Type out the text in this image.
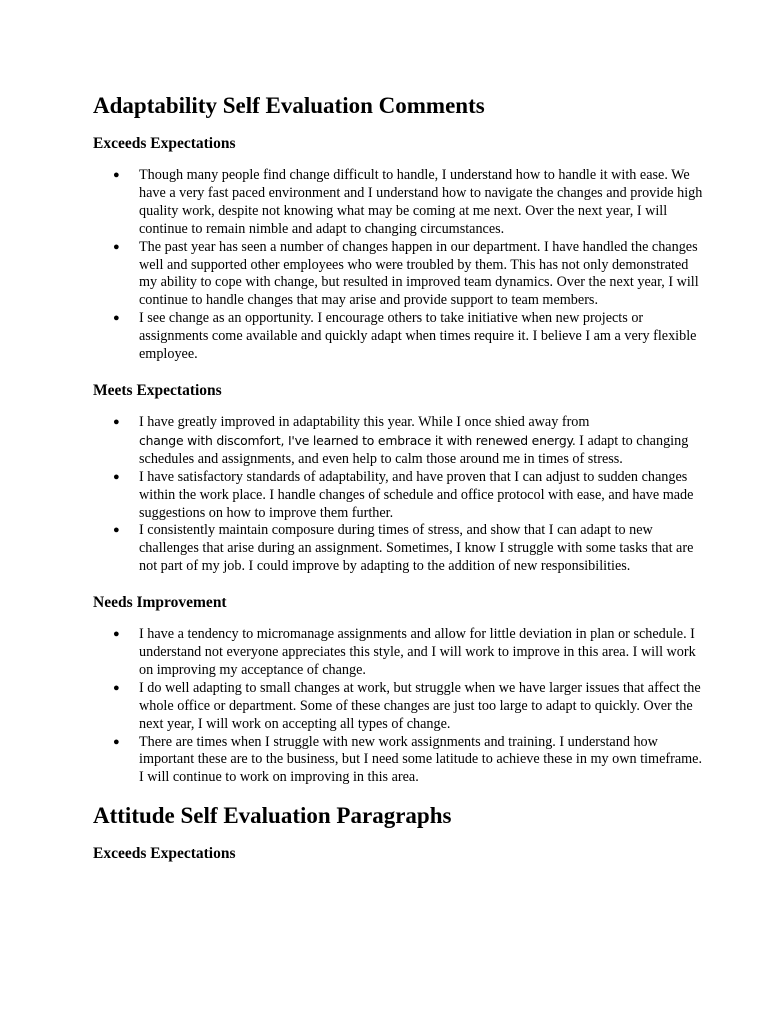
Adaptability Self Evaluation Comments
Exceeds Expectations
● Though many people find change difficult to handle, I understand how to handle it with ease. We have a very fast paced environment and I understand how to navigate the changes and provide high quality work, despite not knowing what may be coming at me next. Over the next year, I will continue to remain nimble and adapt to changing circumstances.
● The past year has seen a number of changes happen in our department. I have handled the changes well and supported other employees who were troubled by them. This has not only demonstrated my ability to cope with change, but resulted in improved team dynamics. Over the next year, I will continue to handle changes that may arise and provide support to team members.
● I see change as an opportunity. I encourage others to take initiative when new projects or assignments come available and quickly adapt when times require it. I believe I am a very flexible employee.
Meets Expectations
● I have greatly improved in adaptability this year. While I once shied away from
change with discomfort, I've learned to embrace it with renewed energy. I adapt to changing schedules and assignments, and even help to calm those around me in times of stress.
● I have satisfactory standards of adaptability, and have proven that I can adjust to sudden changes within the work place. I handle changes of schedule and office protocol with ease, and have made suggestions on how to improve them further.
● I consistently maintain composure during times of stress, and show that I can adapt to new challenges that arise during an assignment. Sometimes, I know I struggle with some tasks that are not part of my job. I could improve by adapting to the addition of new responsibilities.
Needs Improvement
● I have a tendency to micromanage assignments and allow for little deviation in plan or schedule. I understand not everyone appreciates this style, and I will work to improve in this area. I will work on improving my acceptance of change.
● I do well adapting to small changes at work, but struggle when we have larger issues that affect the whole office or department. Some of these changes are just too large to adapt to quickly. Over the next year, I will work on accepting all types of change.
● There are times when I struggle with new work assignments and training. I understand how important these are to the business, but I need some latitude to achieve these in my own timeframe. I will continue to work on improving in this area.
Attitude Self Evaluation Paragraphs
Exceeds Expectations
